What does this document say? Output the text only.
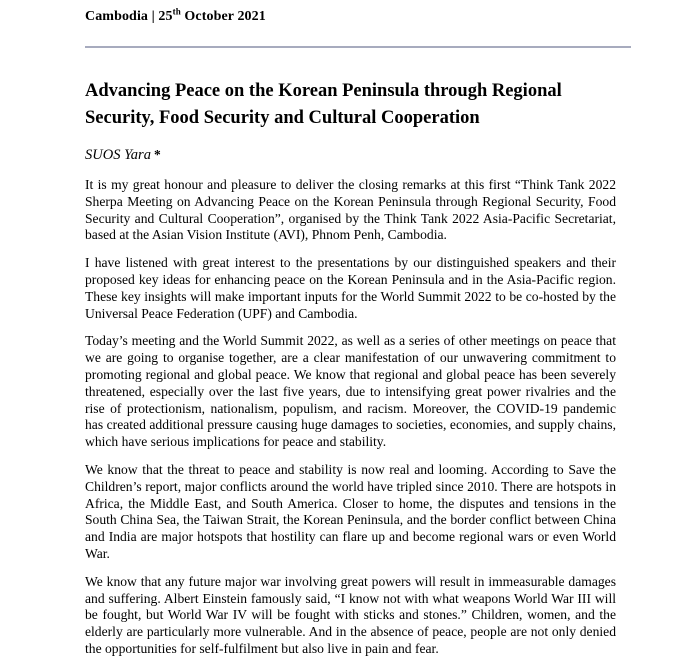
Cambodia | 25th October 2021
Advancing Peace on the Korean Peninsula through Regional Security, Food Security and Cultural Cooperation

SUOS Yara *

It is my great honour and pleasure to deliver the closing remarks at this first “Think Tank 2022 Sherpa Meeting on Advancing Peace on the Korean Peninsula through Regional Security, Food Security and Cultural Cooperation”, organised by the Think Tank 2022 Asia-Pacific Secretariat, based at the Asian Vision Institute (AVI), Phnom Penh, Cambodia.

I have listened with great interest to the presentations by our distinguished speakers and their proposed key ideas for enhancing peace on the Korean Peninsula and in the Asia-Pacific region. These key insights will make important inputs for the World Summit 2022 to be co-hosted by the Universal Peace Federation (UPF) and Cambodia.

Today’s meeting and the World Summit 2022, as well as a series of other meetings on peace that we are going to organise together, are a clear manifestation of our unwavering commitment to promoting regional and global peace. We know that regional and global peace has been severely threatened, especially over the last five years, due to intensifying great power rivalries and the rise of protectionism, nationalism, populism, and racism. Moreover, the COVID-19 pandemic has created additional pressure causing huge damages to societies, economies, and supply chains, which have serious implications for peace and stability.

We know that the threat to peace and stability is now real and looming. According to Save the Children’s report, major conflicts around the world have tripled since 2010. There are hotspots in Africa, the Middle East, and South America. Closer to home, the disputes and tensions in the South China Sea, the Taiwan Strait, the Korean Peninsula, and the border conflict between China and India are major hotspots that hostility can flare up and become regional wars or even World War.

We know that any future major war involving great powers will result in immeasurable damages and suffering. Albert Einstein famously said, “I know not with what weapons World War III will be fought, but World War IV will be fought with sticks and stones.” Children, women, and the elderly are particularly more vulnerable. And in the absence of peace, people are not only denied the opportunities for self-fulfilment but also live in pain and fear.
